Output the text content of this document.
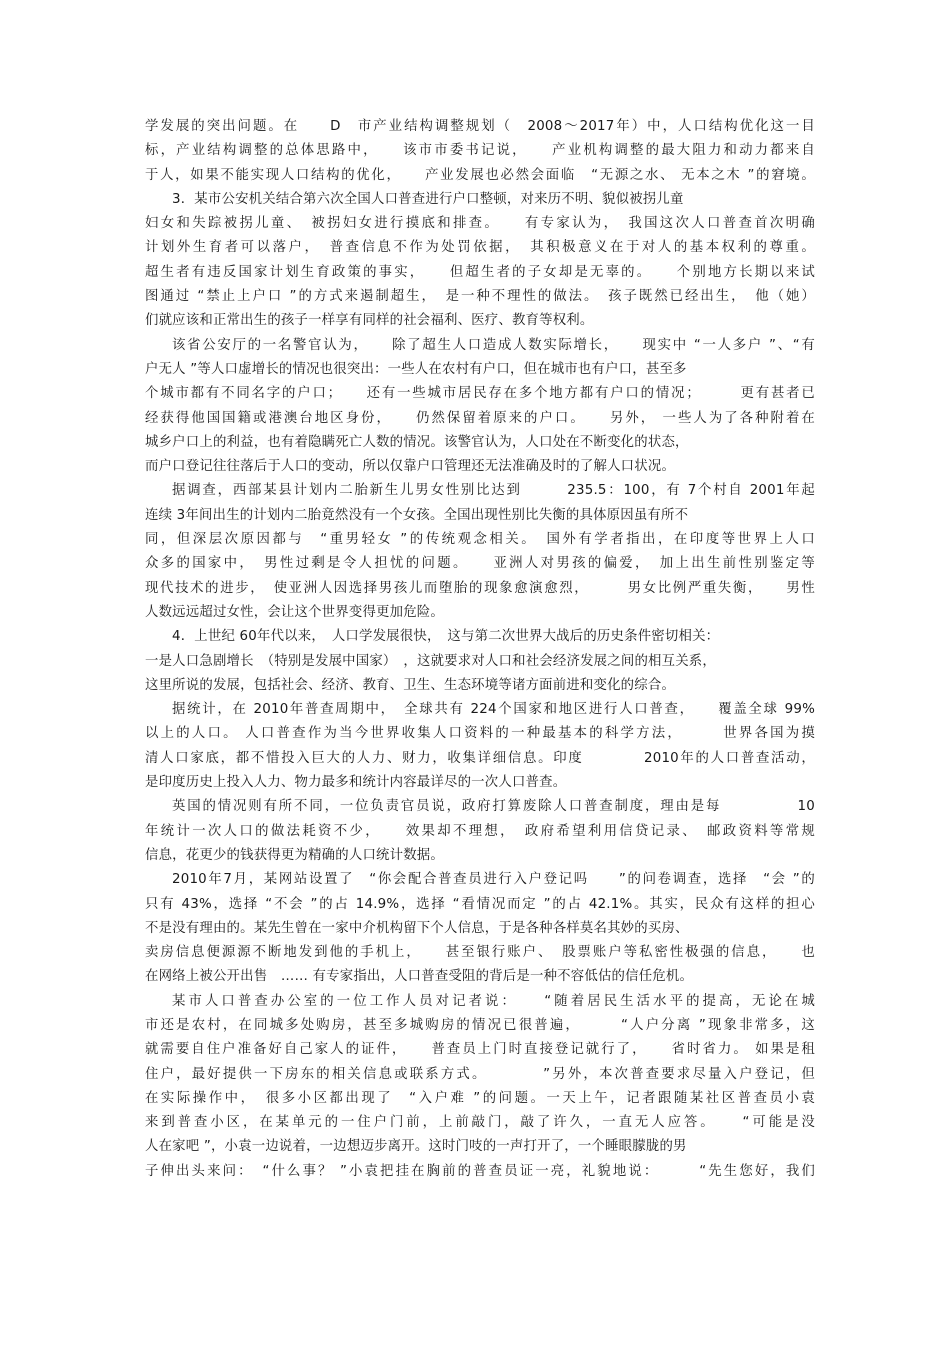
学发展的突出问题。在　　D　市产业结构调整规划（　2008～2017年）中，人口结构优化这一目

标，产业结构调整的总体思路中，　　该市市委书记说，　　产业机构调整的最大阻力和动力都来自

于人，如果不能实现人口结构的优化，　　产业发展也必然会面临　“无源之水、 无本之木 ”的窘境。

3．某市公安机关结合第六次全国人口普查进行户口整顿，对来历不明、貌似被拐儿童

妇女和失踪被拐儿童、　被拐妇女进行摸底和排查。　　有专家认为，　我国这次人口普查首次明确

计划外生育者可以落户，　普查信息不作为处罚依据，　其积极意义在于对人的基本权利的尊重。

超生者有违反国家计划生育政策的事实，　　但超生者的子女却是无辜的。　　个别地方长期以来试

图通过 “禁止上户口 ”的方式来遏制超生，　是一种不理性的做法。　孩子既然已经出生，　他（她）

们就应该和正常出生的孩子一样享有同样的社会福利、医疗、教育等权利。

该省公安厅的一名警官认为，　　除了超生人口造成人数实际增长，　　现实中 “一人多户 ”、“有

户无人 ”等人口虚增长的情况也很突出：一些人在农村有户口，但在城市也有户口，甚至多

个城市都有不同名字的户口；　　还有一些城市居民存在多个地方都有户口的情况；　　　更有甚者已

经获得他国国籍或港澳台地区身份，　　仍然保留着原来的户口。　　另外， 一些人为了各种附着在

城乡户口上的利益，也有着隐瞒死亡人数的情况。该警官认为，人口处在不断变化的状态，

而户口登记往往落后于人口的变动，所以仅靠户口管理还无法准确及时的了解人口状况。

据调查，西部某县计划内二胎新生儿男女性别比达到　　　235.5：100，有 7个村自 2001年起

连续 3年间出生的计划内二胎竟然没有一个女孩。全国出现性别比失衡的具体原因虽有所不

同，但深层次原因都与　“重男轻女 ”的传统观念相关。　国外有学者指出，在印度等世界上人口

众多的国家中，　男性过剩是令人担忧的问题。　　亚洲人对男孩的偏爱，　加上出生前性别鉴定等

现代技术的进步，　使亚洲人因选择男孩儿而堕胎的现象愈演愈烈，　　　男女比例严重失衡，　　男性

人数远远超过女性，会让这个世界变得更加危险。

4．上世纪 60年代以来，　人口学发展很快，　这与第二次世界大战后的历史条件密切相关：

一是人口急剧增长　（特别是发展中国家）　，这就要求对人口和社会经济发展之间的相互关系，

这里所说的发展，包括社会、经济、教育、卫生、生态环境等诸方面前进和变化的综合。

据统计，在 2010年普查周期中，　全球共有 224个国家和地区进行人口普查，　　覆盖全球 99%

以上的人口。 人口普查作为当今世界收集人口资料的一种最基本的科学方法，　　　世界各国为摸

清人口家底，都不惜投入巨大的人力、财力，收集详细信息。印度　　　　2010年的人口普查活动，

是印度历史上投入人力、物力最多和统计内容最详尽的一次人口普查。

英国的情况则有所不同，一位负责官员说，政府打算废除人口普查制度，理由是每　　　　　10

年统计一次人口的做法耗资不少，　　效果却不理想，　政府希望利用信贷记录、　邮政资料等常规

信息，花更少的钱获得更为精确的人口统计数据。

2010年7月，某网站设置了　“你会配合普查员进行入户登记吗　　”的问卷调查，选择　“会 ”的

只有 43%，选择 “不会 ”的占 14.9%，选择 “看情况而定 ”的占 42.1%。其实，民众有这样的担心

不是没有理由的。某先生曾在一家中介机构留下个人信息，于是各种各样莫名其妙的买房、

卖房信息便源源不断地发到他的手机上，　　甚至银行账户、　股票账户等私密性极强的信息，　　也

在网络上被公开出售　…… 有专家指出，人口普查受阻的背后是一种不容低估的信任危机。

某市人口普查办公室的一位工作人员对记者说：　　“随着居民生活水平的提高，无论在城

市还是农村，在同城多处购房，甚至多城购房的情况已很普遍，　　　“人户分离 ”现象非常多，这

就需要自住户准备好自己家人的证件，　　普查员上门时直接登记就行了，　　省时省力。 如果是租

住户，最好提供一下房东的相关信息或联系方式。　　　　”另外，本次普查要求尽量入户登记，但

在实际操作中，　很多小区都出现了　“入户难 ”的问题。一天上午，记者跟随某社区普查员小袁

来到普查小区，在某单元的一住户门前，上前敲门，敲了许久，一直无人应答。　　“可能是没

人在家吧 ”，小袁一边说着，一边想迈步离开。这时门吱的一声打开了，一个睡眼朦胧的男

子伸出头来问：　“什么事？ ”小袁把挂在胸前的普查员证一亮，礼貌地说：　　　“先生您好，我们
